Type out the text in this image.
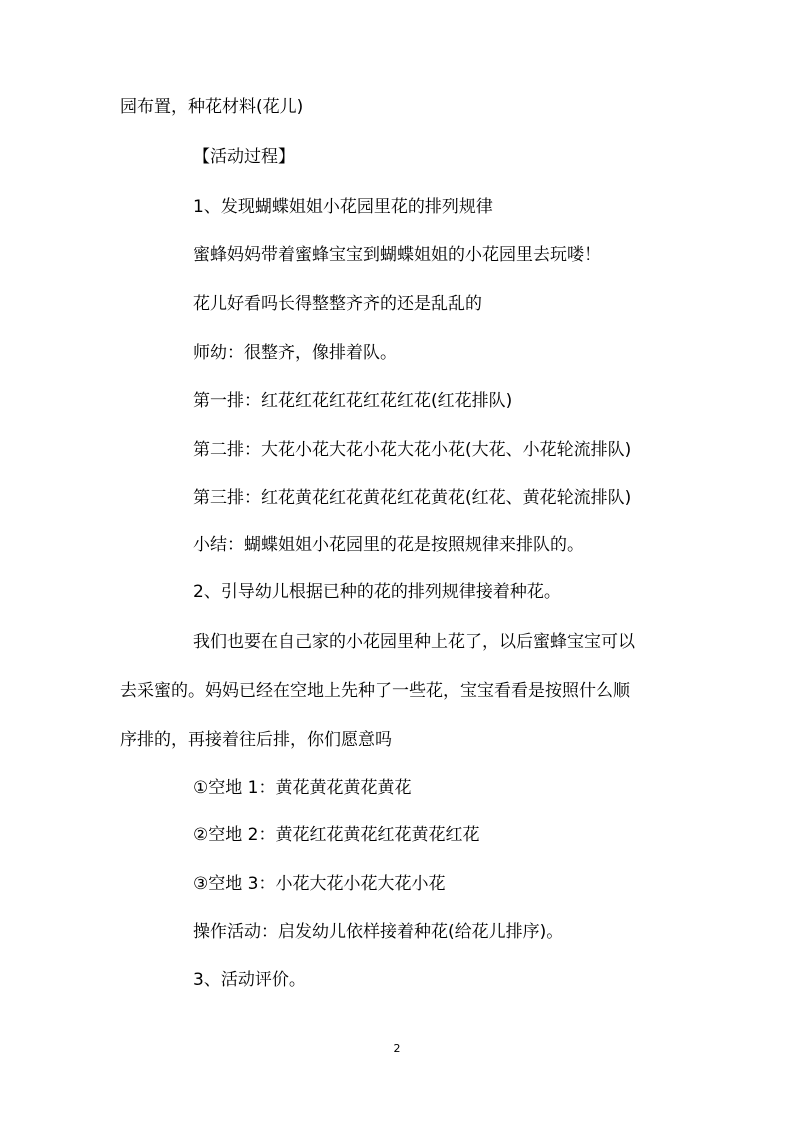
园布置，种花材料(花儿)
【活动过程】
1、发现蝴蝶姐姐小花园里花的排列规律
蜜蜂妈妈带着蜜蜂宝宝到蝴蝶姐姐的小花园里去玩喽！
花儿好看吗长得整整齐齐的还是乱乱的
师幼：很整齐，像排着队。
第一排：红花红花红花红花红花(红花排队)
第二排：大花小花大花小花大花小花(大花、小花轮流排队)
第三排：红花黄花红花黄花红花黄花(红花、黄花轮流排队)
小结：蝴蝶姐姐小花园里的花是按照规律来排队的。
2、引导幼儿根据已种的花的排列规律接着种花。
我们也要在自己家的小花园里种上花了，以后蜜蜂宝宝可以
去采蜜的。妈妈已经在空地上先种了一些花，宝宝看看是按照什么顺
序排的，再接着往后排，你们愿意吗
①空地 1：黄花黄花黄花黄花
②空地 2：黄花红花黄花红花黄花红花
③空地 3：小花大花小花大花小花
操作活动：启发幼儿依样接着种花(给花儿排序)。
3、活动评价。
2
